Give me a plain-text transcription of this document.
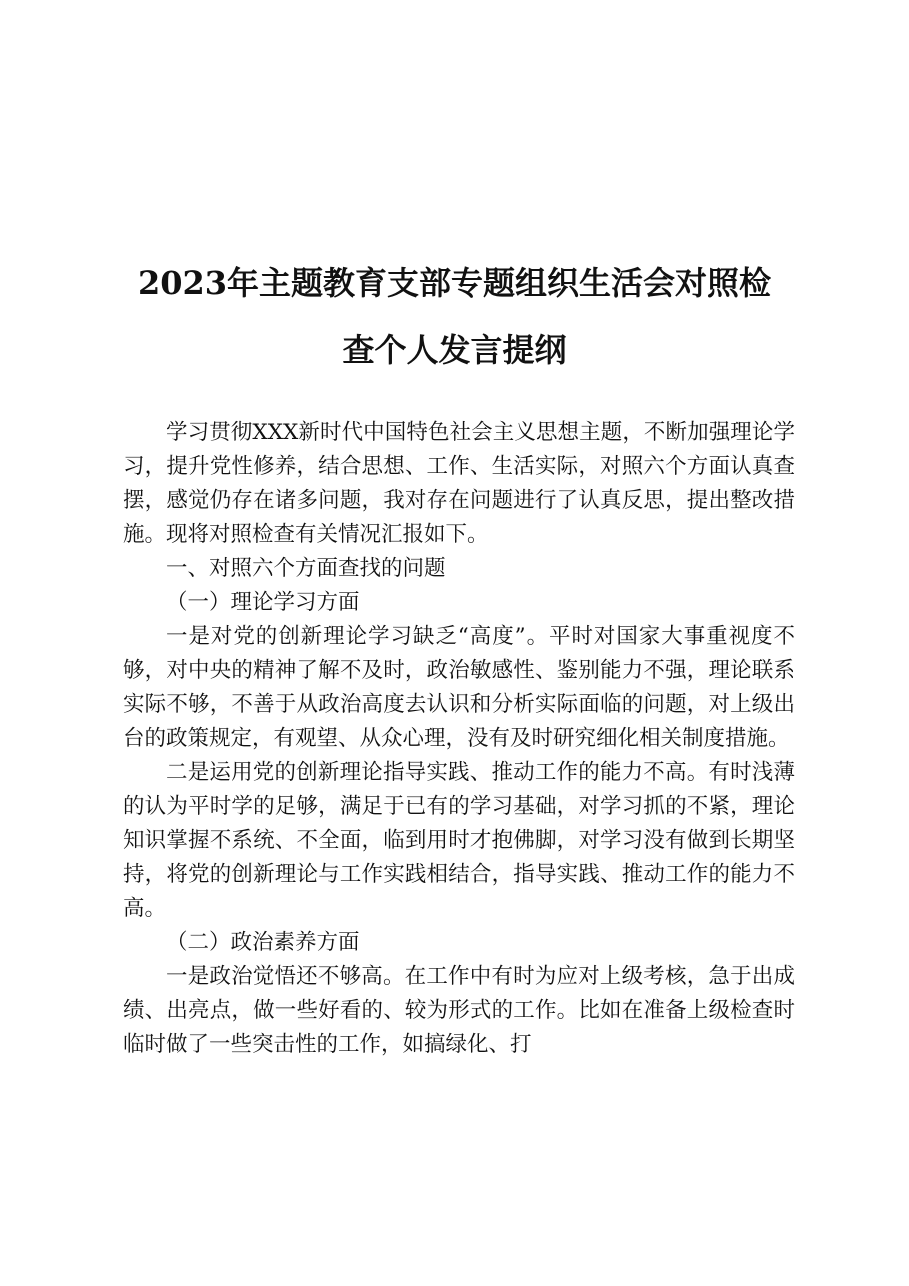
2023年主题教育支部专题组织生活会对照检
查个人发言提纲

学习贯彻XXX新时代中国特色社会主义思想主题，不断加强理论学习，提升党性修养，结合思想、工作、生活实际，对照六个方面认真查摆，感觉仍存在诸多问题，我对存在问题进行了认真反思，提出整改措施。现将对照检查有关情况汇报如下。

一、对照六个方面查找的问题

（一）理论学习方面

一是对党的创新理论学习缺乏“高度”。平时对国家大事重视度不够，对中央的精神了解不及时，政治敏感性、鉴别能力不强，理论联系实际不够，不善于从政治高度去认识和分析实际面临的问题，对上级出台的政策规定，有观望、从众心理，没有及时研究细化相关制度措施。

二是运用党的创新理论指导实践、推动工作的能力不高。有时浅薄的认为平时学的足够，满足于已有的学习基础，对学习抓的不紧，理论知识掌握不系统、不全面，临到用时才抱佛脚，对学习没有做到长期坚持，将党的创新理论与工作实践相结合，指导实践、推动工作的能力不高。

（二）政治素养方面

一是政治觉悟还不够高。在工作中有时为应对上级考核，急于出成绩、出亮点，做一些好看的、较为形式的工作。比如在准备上级检查时临时做了一些突击性的工作，如搞绿化、打
